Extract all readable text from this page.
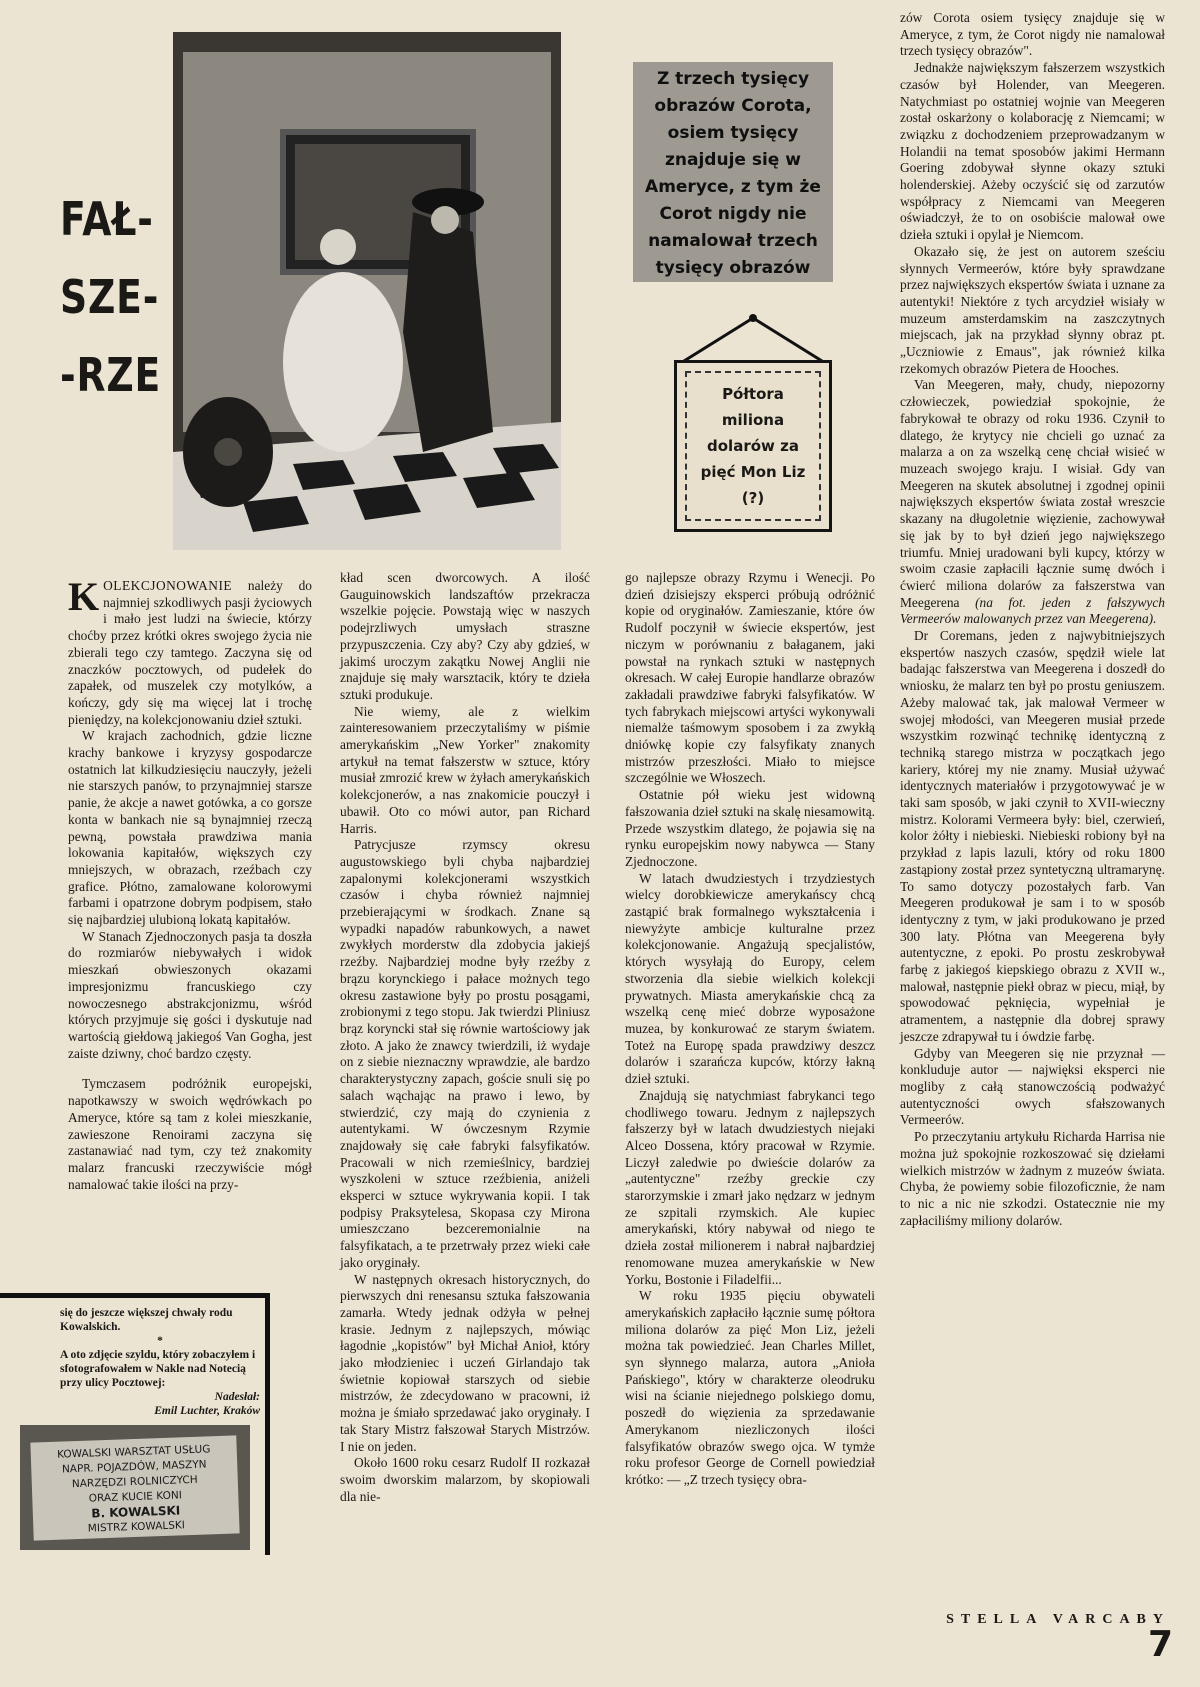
FAŁ-
SZE-
-RZE
Z trzech tysięcy obrazów Corota, osiem tysięcy znajduje się w Ameryce, z tym że Corot nigdy nie namalował trzech tysięcy obrazów
Półtora miliona dolarów za pięć Mon Liz (?)

KOLEKCJONOWANIE należy do najmniej szkodliwych pasji życiowych i mało jest ludzi na świecie, którzy choćby przez krótki okres swojego życia nie zbierali tego czy tamtego. Zaczyna się od znaczków pocztowych, od pudełek do zapałek, od muszelek czy motylków, a kończy, gdy się ma więcej lat i trochę pieniędzy, na kolekcjonowaniu dzieł sztuki.

W krajach zachodnich, gdzie liczne krachy bankowe i kryzysy gospodarcze ostatnich lat kilkudziesięciu nauczyły, jeżeli nie starszych panów, to przynajmniej starsze panie, że akcje a nawet gotówka, a co gorsze konta w bankach nie są bynajmniej rzeczą pewną, powstała prawdziwa mania lokowania kapitałów, większych czy mniejszych, w obrazach, rzeźbach czy grafice. Płótno, zamalowane kolorowymi farbami i opatrzone dobrym podpisem, stało się najbardziej ulubioną lokatą kapitałów.

W Stanach Zjednoczonych pasja ta doszła do rozmiarów niebywałych i widok mieszkań obwieszonych okazami impresjonizmu francuskiego czy nowoczesnego abstrakcjonizmu, wśród których przyjmuje się gości i dyskutuje nad wartością giełdową jakiegoś Van Gogha, jest zaiste dziwny, choć bardzo częsty.

Tymczasem podróżnik europejski, napotkawszy w swoich wędrówkach po Ameryce, które są tam z kolei mieszkanie, zawieszone Renoirami zaczyna się zastanawiać nad tym, czy też znakomity malarz francuski rzeczywiście mógł namalować takie ilości na przy-

się do jeszcze większej chwały rodu Kowalskich.
*
A oto zdjęcie szyldu, który zobaczyłem i sfotografowałem w Nakle nad Notecią przy ulicy Pocztowej:
Nadesłał:
Emil Luchter, Kraków
KOWALSKI WARSZTAT USŁUG
NAPR. POJAZDÓW, MASZYN
NARZĘDZI ROLNICZYCH
ORAZ KUCIE KONI
B. KOWALSKI
MISTRZ KOWALSKI

kład scen dworcowych. A ilość Gauguinowskich landszaftów przekracza wszelkie pojęcie. Powstają więc w naszych podejrzliwych umysłach straszne przypuszczenia. Czy aby? Czy aby gdzieś, w jakimś uroczym zakątku Nowej Anglii nie znajduje się mały warsztacik, który te dzieła sztuki produkuje.

Nie wiemy, ale z wielkim zainteresowaniem przeczytaliśmy w piśmie amerykańskim „New Yorker" znakomity artykuł na temat fałszerstw w sztuce, który musiał zmrozić krew w żyłach amerykańskich kolekcjonerów, a nas znakomicie pouczył i ubawił. Oto co mówi autor, pan Richard Harris.

Patrycjusze rzymscy okresu augustowskiego byli chyba najbardziej zapalonymi kolekcjonerami wszystkich czasów i chyba również najmniej przebierającymi w środkach. Znane są wypadki napadów rabunkowych, a nawet zwykłych morderstw dla zdobycia jakiejś rzeźby. Najbardziej modne były rzeźby z brązu korynckiego i pałace możnych tego okresu zastawione były po prostu posągami, zrobionymi z tego stopu. Jak twierdzi Pliniusz brąz koryncki stał się równie wartościowy jak złoto. A jako że znawcy twierdzili, iż wydaje on z siebie nieznaczny wprawdzie, ale bardzo charakterystyczny zapach, goście snuli się po salach wąchając na prawo i lewo, by stwierdzić, czy mają do czynienia z autentykami. W ówczesnym Rzymie znajdowały się całe fabryki falsyfikatów. Pracowali w nich rzemieślnicy, bardziej wyszkoleni w sztuce rzeźbienia, aniżeli eksperci w sztuce wykrywania kopii. I tak podpisy Praksytelesa, Skopasa czy Mirona umieszczano bezceremonialnie na falsyfikatach, a te przetrwały przez wieki całe jako oryginały.

W następnych okresach historycznych, do pierwszych dni renesansu sztuka fałszowania zamarła. Wtedy jednak odżyła w pełnej krasie. Jednym z najlepszych, mówiąc łagodnie „kopistów" był Michał Anioł, który jako młodzieniec i uczeń Girlandajo tak świetnie kopiował starszych od siebie mistrzów, że zdecydowano w pracowni, iż można je śmiało sprzedawać jako oryginały. I tak Stary Mistrz fałszował Starych Mistrzów. I nie on jeden.

Około 1600 roku cesarz Rudolf II rozkazał swoim dworskim malarzom, by skopiowali dla nie-

go najlepsze obrazy Rzymu i Wenecji. Po dzień dzisiejszy eksperci próbują odróżnić kopie od oryginałów. Zamieszanie, które ów Rudolf poczynił w świecie ekspertów, jest niczym w porównaniu z bałaganem, jaki powstał na rynkach sztuki w następnych okresach. W całej Europie handlarze obrazów zakładali prawdziwe fabryki falsyfikatów. W tych fabrykach miejscowi artyści wykonywali niemalże taśmowym sposobem i za zwykłą dniówkę kopie czy falsyfikaty znanych mistrzów przeszłości. Miało to miejsce szczególnie we Włoszech.

Ostatnie pół wieku jest widowną fałszowania dzieł sztuki na skalę niesamowitą. Przede wszystkim dlatego, że pojawia się na rynku europejskim nowy nabywca — Stany Zjednoczone.

W latach dwudziestych i trzydziestych wielcy dorobkiewicze amerykańscy chcą zastąpić brak formalnego wykształcenia i niewyżyte ambicje kulturalne przez kolekcjonowanie. Angażują specjalistów, których wysyłają do Europy, celem stworzenia dla siebie wielkich kolekcji prywatnych. Miasta amerykańskie chcą za wszelką cenę mieć dobrze wyposażone muzea, by konkurować ze starym światem. Toteż na Europę spada prawdziwy deszcz dolarów i szarańcza kupców, którzy łakną dzieł sztuki.

Znajdują się natychmiast fabrykanci tego chodliwego towaru. Jednym z najlepszych fałszerzy był w latach dwudziestych niejaki Alceo Dossena, który pracował w Rzymie. Liczył zaledwie po dwieście dolarów za „autentyczne" rzeźby greckie czy starorzymskie i zmarł jako nędzarz w jednym ze szpitali rzymskich. Ale kupiec amerykański, który nabywał od niego te dzieła został milionerem i nabrał najbardziej renomowane muzea amerykańskie w New Yorku, Bostonie i Filadelfii...

W roku 1935 pięciu obywateli amerykańskich zapłaciło łącznie sumę półtora miliona dolarów za pięć Mon Liz, jeżeli można tak powiedzieć. Jean Charles Millet, syn słynnego malarza, autora „Anioła Pańskiego", który w charakterze oleodruku wisi na ścianie niejednego polskiego domu, poszedł do więzienia za sprzedawanie Amerykanom niezliczonych ilości falsyfikatów obrazów swego ojca. W tymże roku profesor George de Cornell powiedział krótko: — „Z trzech tysięcy obra-

zów Corota osiem tysięcy znajduje się w Ameryce, z tym, że Corot nigdy nie namalował trzech tysięcy obrazów".

Jednakże największym fałszerzem wszystkich czasów był Holender, van Meegeren. Natychmiast po ostatniej wojnie van Meegeren został oskarżony o kolaborację z Niemcami; w związku z dochodzeniem przeprowadzanym w Holandii na temat sposobów jakimi Hermann Goering zdobywał słynne okazy sztuki holenderskiej. Ażeby oczyścić się od zarzutów współpracy z Niemcami van Meegeren oświadczył, że to on osobiście malował owe dzieła sztuki i opylał je Niemcom.

Okazało się, że jest on autorem sześciu słynnych Vermeerów, które były sprawdzane przez największych ekspertów świata i uznane za autentyki! Niektóre z tych arcydzieł wisiały w muzeum amsterdamskim na zaszczytnych miejscach, jak na przykład słynny obraz pt. „Uczniowie z Emaus", jak również kilka rzekomych obrazów Pietera de Hooches.

Van Meegeren, mały, chudy, niepozorny człowieczek, powiedział spokojnie, że fabrykował te obrazy od roku 1936. Czynił to dlatego, że krytycy nie chcieli go uznać za malarza a on za wszelką cenę chciał wisieć w muzeach swojego kraju. I wisiał. Gdy van Meegeren na skutek absolutnej i zgodnej opinii największych ekspertów świata został wreszcie skazany na długoletnie więzienie, zachowywał się jak by to był dzień jego największego triumfu. Mniej uradowani byli kupcy, którzy w swoim czasie zapłacili łącznie sumę dwóch i ćwierć miliona dolarów za fałszerstwa van Meegerena (na fot. jeden z fałszywych Vermeerów malowanych przez van Meegerena).

Dr Coremans, jeden z najwybitniejszych ekspertów naszych czasów, spędził wiele lat badając fałszerstwa van Meegerena i doszedł do wniosku, że malarz ten był po prostu geniuszem. Ażeby malować tak, jak malował Vermeer w swojej młodości, van Meegeren musiał przede wszystkim rozwinąć technikę identyczną z techniką starego mistrza w początkach jego kariery, której my nie znamy. Musiał używać identycznych materiałów i przygotowywać je w taki sam sposób, w jaki czynił to XVII-wieczny mistrz. Kolorami Vermeera były: biel, czerwień, kolor żółty i niebieski. Niebieski robiony był na przykład z lapis lazuli, który od roku 1800 zastąpiony został przez syntetyczną ultramarynę. To samo dotyczy pozostałych farb. Van Meegeren produkował je sam i to w sposób identyczny z tym, w jaki produkowano je przed 300 laty. Płótna van Meegerena były autentyczne, z epoki. Po prostu zeskrobywał farbę z jakiegoś kiepskiego obrazu z XVII w., malował, następnie piekł obraz w piecu, miął, by spowodować pęknięcia, wypełniał je atramentem, a następnie dla dobrej sprawy jeszcze zdrapywał tu i ówdzie farbę.

Gdyby van Meegeren się nie przyznał — konkluduje autor — najwięksi eksperci nie mogliby z całą stanowczością podważyć autentyczności owych sfałszowanych Vermeerów.

Po przeczytaniu artykułu Richarda Harrisa nie można już spokojnie rozkoszować się dziełami wielkich mistrzów w żadnym z muzeów świata. Chyba, że powiemy sobie filozoficznie, że nam to nic a nic nie szkodzi. Ostatecznie nie my zapłaciliśmy miliony dolarów.

STELLA VARCABY
7
